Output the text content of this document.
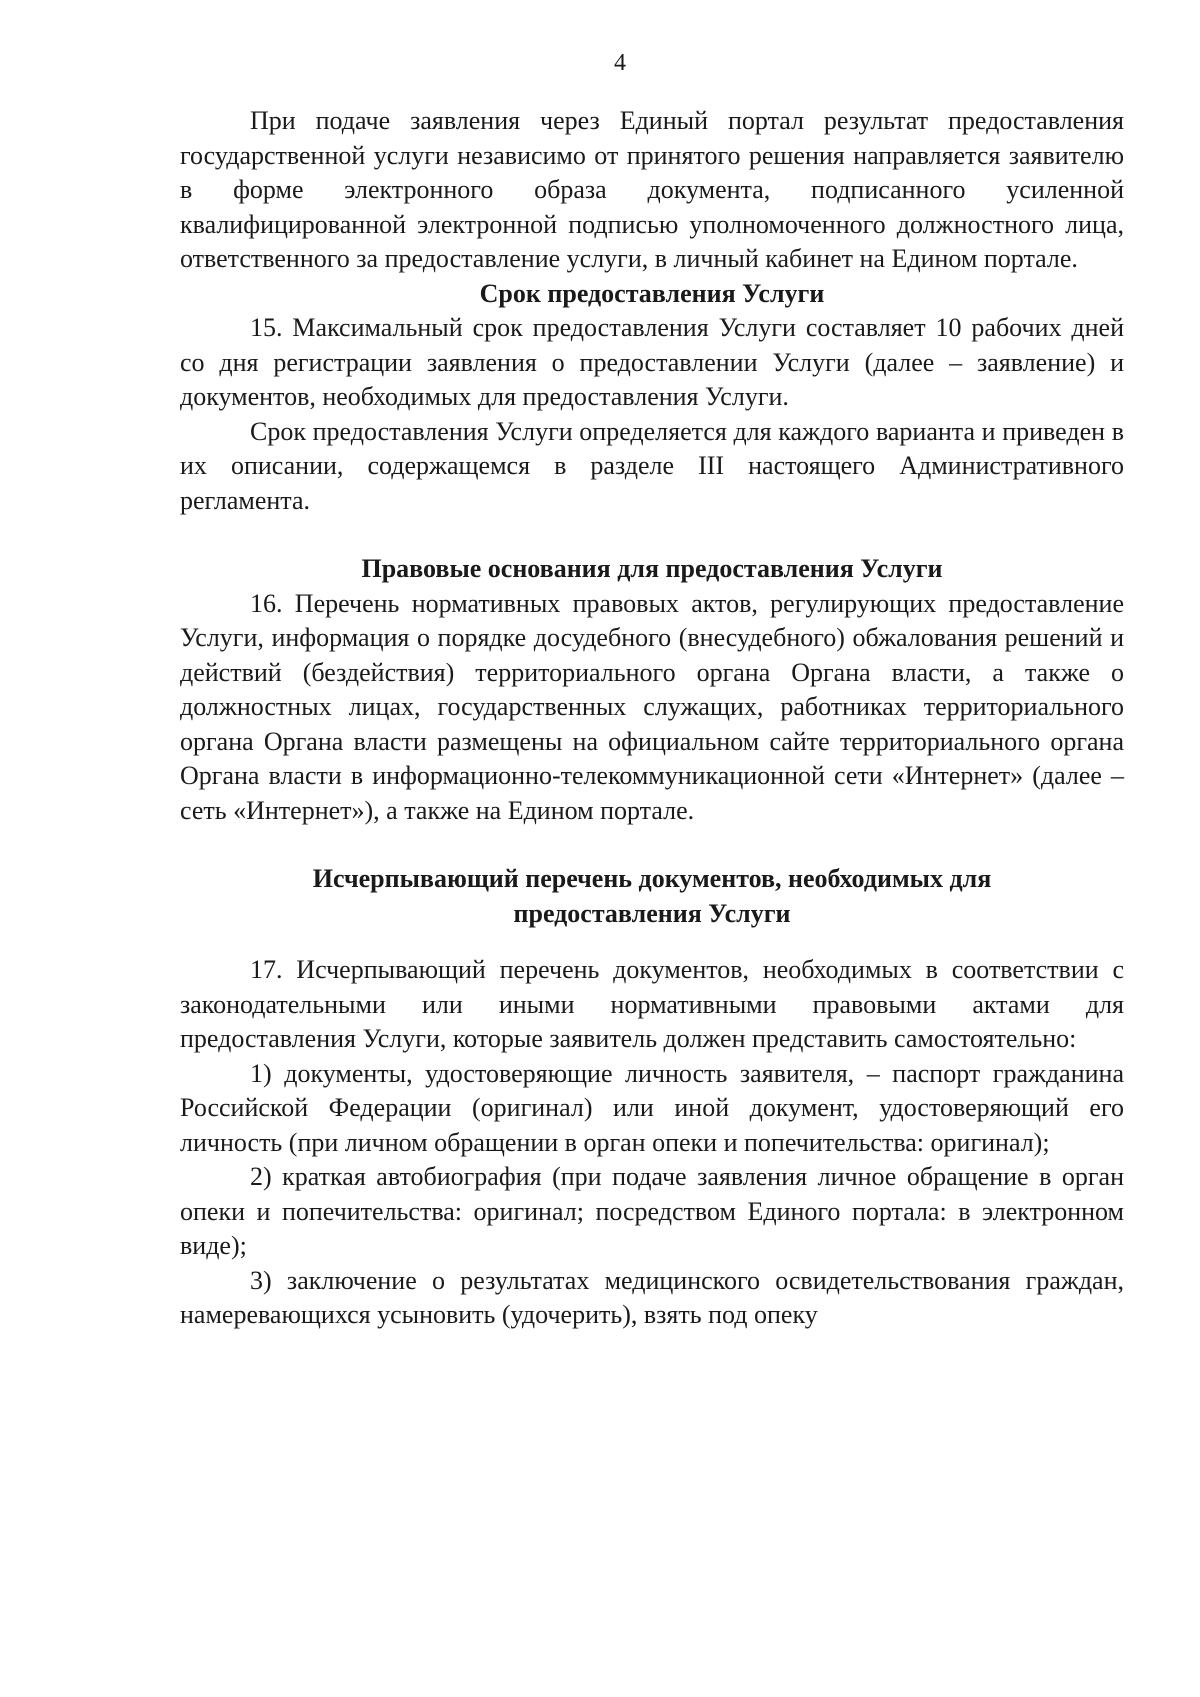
4

При подаче заявления через Единый портал результат предоставления государственной услуги независимо от принятого решения направляется заявителю в форме электронного образа документа, подписанного усиленной квалифицированной электронной подписью уполномоченного должностного лица, ответственного за предоставление услуги, в личный кабинет на Едином портале.

Срок предоставления Услуги

15. Максимальный срок предоставления Услуги составляет 10 рабочих дней со дня регистрации заявления о предоставлении Услуги (далее – заявление) и документов, необходимых для предоставления Услуги.

Срок предоставления Услуги определяется для каждого варианта и приведен в их описании, содержащемся в разделе III настоящего Административного регламента.

Правовые основания для предоставления Услуги

16. Перечень нормативных правовых актов, регулирующих предоставление Услуги, информация о порядке досудебного (внесудебного) обжалования решений и действий (бездействия) территориального органа Органа власти, а также о должностных лицах, государственных служащих, работниках территориального органа Органа власти размещены на официальном сайте территориального органа Органа власти в информационно-телекоммуникационной сети «Интернет» (далее – сеть «Интернет»), а также на Едином портале.

Исчерпывающий перечень документов, необходимых для

предоставления Услуги

17. Исчерпывающий перечень документов, необходимых в соответствии с законодательными или иными нормативными правовыми актами для предоставления Услуги, которые заявитель должен представить самостоятельно:

1) документы, удостоверяющие личность заявителя, – паспорт гражданина Российской Федерации (оригинал) или иной документ, удостоверяющий его личность (при личном обращении в орган опеки и попечительства: оригинал);

2) краткая автобиография (при подаче заявления личное обращение в орган опеки и попечительства: оригинал; посредством Единого портала: в электронном виде);

3) заключение о результатах медицинского освидетельствования граждан, намеревающихся усыновить (удочерить), взять под опеку
